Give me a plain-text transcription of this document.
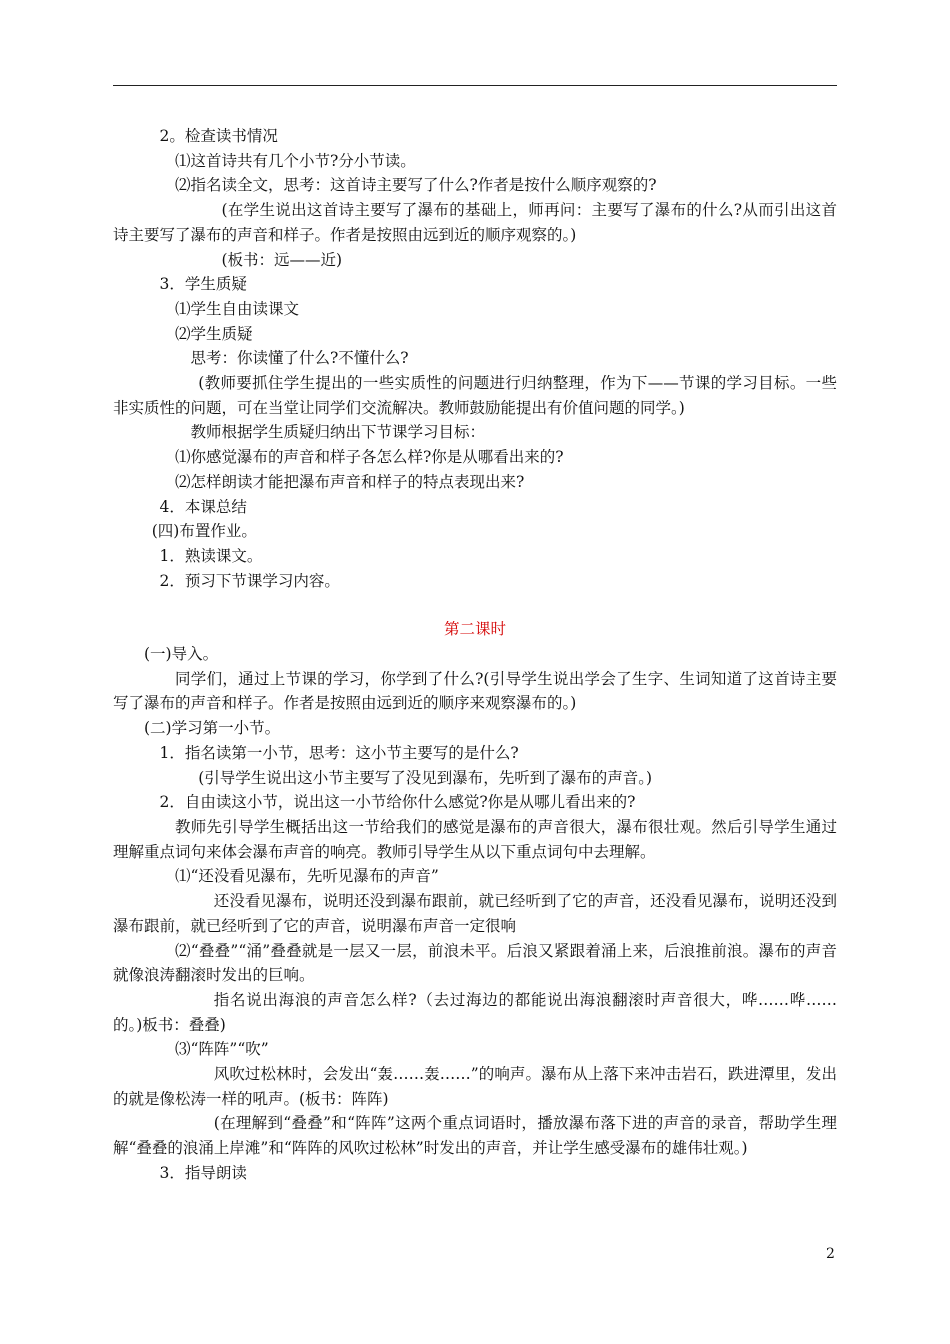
2。检查读书情况

⑴这首诗共有几个小节?分小节读。

⑵指名读全文，思考：这首诗主要写了什么?作者是按什么顺序观察的?

(在学生说出这首诗主要写了瀑布的基础上，师再问：主要写了瀑布的什么?从而引出这首诗主要写了瀑布的声音和样子。作者是按照由远到近的顺序观察的。)

(板书：远——近)

3．学生质疑

⑴学生自由读课文

⑵学生质疑

思考：你读懂了什么?不懂什么?

(教师要抓住学生提出的一些实质性的问题进行归纳整理，作为下——节课的学习目标。一些非实质性的问题，可在当堂让同学们交流解决。教师鼓励能提出有价值问题的同学。)

教师根据学生质疑归纳出下节课学习目标：

⑴你感觉瀑布的声音和样子各怎么样?你是从哪看出来的?

⑵怎样朗读才能把瀑布声音和样子的特点表现出来?

4．本课总结

(四)布置作业。

1．熟读课文。

2．预习下节课学习内容。

第二课时

(一)导入。

同学们，通过上节课的学习，你学到了什么?(引导学生说出学会了生字、生词知道了这首诗主要写了瀑布的声音和样子。作者是按照由远到近的顺序来观察瀑布的。)

(二)学习第一小节。

1．指名读第一小节，思考：这小节主要写的是什么?

(引导学生说出这小节主要写了没见到瀑布，先听到了瀑布的声音。)

2．自由读这小节，说出这一小节给你什么感觉?你是从哪儿看出来的?

教师先引导学生概括出这一节给我们的感觉是瀑布的声音很大，瀑布很壮观。然后引导学生通过理解重点词句来体会瀑布声音的响亮。教师引导学生从以下重点词句中去理解。

⑴“还没看见瀑布，先听见瀑布的声音”

还没看见瀑布，说明还没到瀑布跟前，就已经听到了它的声音，还没看见瀑布，说明还没到瀑布跟前，就已经听到了它的声音，说明瀑布声音一定很响

⑵“叠叠”“涌”叠叠就是一层又一层，前浪未平。后浪又紧跟着涌上来，后浪推前浪。瀑布的声音就像浪涛翻滚时发出的巨响。

指名说出海浪的声音怎么样?（去过海边的都能说出海浪翻滚时声音很大，哗……哗……的。)板书：叠叠)

⑶“阵阵”“吹”

风吹过松林时，会发出“轰……轰……”的响声。瀑布从上落下来冲击岩石，跌进潭里，发出的就是像松涛一样的吼声。(板书：阵阵)

(在理解到“叠叠”和“阵阵”这两个重点词语时，播放瀑布落下进的声音的录音，帮助学生理解“叠叠的浪涌上岸滩”和“阵阵的风吹过松林”时发出的声音，并让学生感受瀑布的雄伟壮观。)

3．指导朗读

2
